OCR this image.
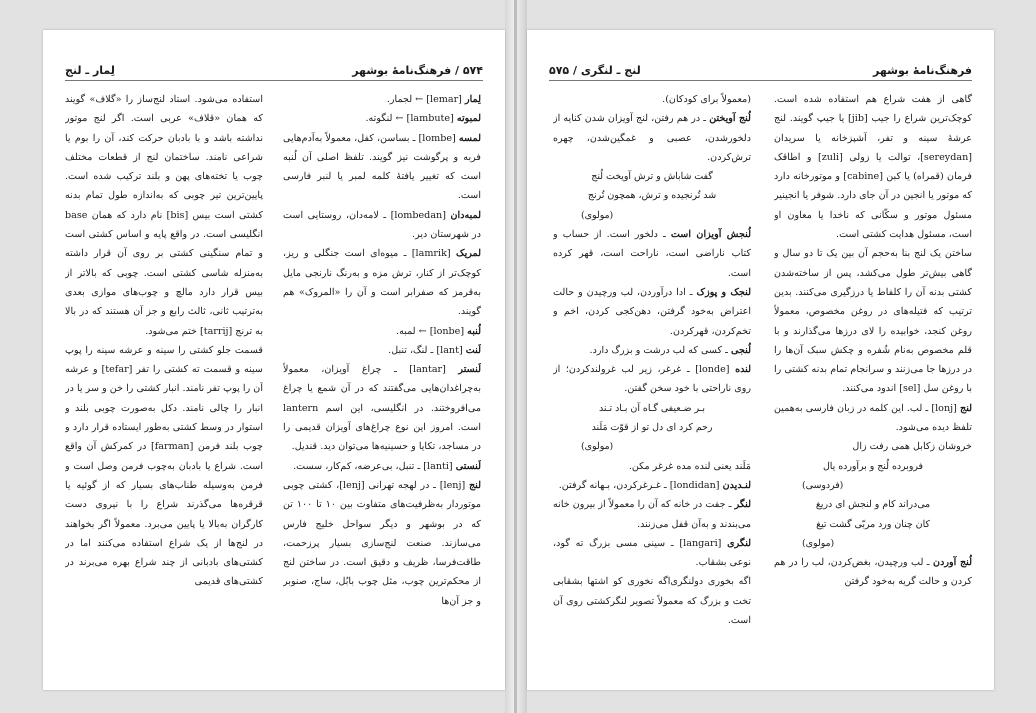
۵۷۴ / فرهنگ‌نامهٔ بوشهر
لِمار ـ لنج

لِمار [lemar] ← لجمار.

لمبوته [lambute] ← لنگوته.

لمسه [lombe] ـ بساسن، کفل، معمولاً به‌آدم‌هایی فربه و پرگوشت نیز گویند. تلفظ اصلی آن لُنبه است که تغییر یافتهٔ کلمه لمبر یا لنبر فارسی است.

لمبه‌دان [lombedan] ـ لامه‌دان، روستایی است در شهرستان دیر.

لمریک [lamrik] ـ میوه‌ای است جنگلی و ریز، کوچک‌تر از کنار، ترش مزه و به‌رنگ نارنجی مایل به‌قرمز که صفرابر است و آن را «المروک» هم گویند.

لُنبه [lonbe] ← لمبه.

لَنت [lant] ـ لنگ، تنبل.

لَنستر [lantar] ـ چراغ آویزان، معمولاً به‌چراغدان‌هایی می‌گفتند که در آن شمع یا چراغ می‌افروختند. در انگلیسی، این اسم lantern است. امروز این نوع چراغ‌های آویزان قدیمی را در مساجد، تکایا و حسینیه‌ها می‌توان دید. قندیل.

لَنستی [lanti] ـ تنبل، بی‌عرضه، کم‌کار، سست.

لنج [lenj] ـ در لهجه تهرانی [lenj]، کشتی چوبی موتوردار به‌ظرفیت‌های متفاوت بین ۱۰ تا ۱۰۰ تن که در بوشهر و دیگر سواحل خلیج فارس می‌سازند. صنعت لنج‌سازی بسیار پرزحمت، طاقت‌فرسا، ظریف و دقیق است. در ساختن لنج از محکم‌ترین چوب، مثل چوب بابُل، ساج، صنوبر و جز آن‌ها

استفاده می‌شود. استاد لنج‌ساز را «گلاف» گویند که همان «قلاف» عربی است. اگر لنج موتور نداشته باشد و با بادبان حرکت کند، آن را بوم یا شراعی نامند. ساختمان لنج از قطعات مختلف چوب یا تخته‌های پهن و بلند ترکیب شده است. پایین‌ترین تیر چوبی که به‌اندازه طول تمام بدنه کشتی است بیس [bis] نام دارد که همان base انگلیسی است. در واقع پایه و اساس کشتی است و تمام سنگینی کشتی بر روی آن قرار داشته به‌منزله شاسی کشتی است. چوبی که بالاتر از بیس قرار دارد مالچ و چوب‌های موازی بعدی به‌ترتیب ثانی، ثالث رابع و جز آن هستند که در بالا به ترنج [tarrij] ختم می‌شود.

قسمت جلو کشتی را سینه و عرشه سینه را پوپ سینه و قسمت ته کشتی را تفر [tefar] و عرشه آن را پوپ تفر نامند. انبار کشتی را خن و سر یا در انبار را چالی نامند. دکل به‌صورت چوبی بلند و استوار در وسط کشتی به‌طور ایستاده قرار دارد و چوب بلند فرمن [farman] در کمرکش آن واقع است. شراع یا بادبان به‌چوب فرمن وصل است و فرمن به‌وسیله طناب‌های بسیار که از گوئیه یا قرقره‌ها می‌گذرند شراع را با نیروی دست کارگران به‌بالا یا پایین می‌برد. معمولاً اگر بخواهند در لنج‌ها از یک شراع استفاده می‌کنند اما در کشتی‌های بادبانی از چند شراع بهره می‌برند در کشتی‌های قدیمی

فرهنگ‌نامهٔ بوشهر
لنج ـ لنگری / ۵۷۵

گاهی از هفت شراع هم استفاده شده است. کوچک‌ترین شراع را جیب [jib] یا جیپ گویند. لنج عرشهٔ سینه و تفر، آشپزخانه یا سریدان [sereydan]، توالت یا زولی [zuli] و اطاقک فرمان (قمراه) یا کبن [cabine] و موتورخانه دارد که موتور یا انجین در آن جای دارد. شوفر یا انجینیر مسئول موتور و سکّانی که ناخدا یا معاون او است، مسئول هدایت کشتی است.

ساختن یک لنج بنا به‌حجم آن بین یک تا دو سال و گاهی بیش‌تر طول می‌کشد، پس از ساخته‌شدن کشتی بدنه آن را کلفاط یا درزگیری می‌کنند. بدین ترتیب که فتیله‌های در روغن مخصوص، معمولاً روغن کنجد، خوابیده را لای درزها می‌گذارند و با قلم مخصوص به‌نام شُفره و چکش سبک آن‌ها را در درزها جا می‌زنند و سرانجام تمام بدنه کشتی را با روغن سل [sel] اندود می‌کنند.

لنج [lonj] ـ لب. این کلمه در زبان فارسی به‌همین تلفظ دیده می‌شود.

خروشان زکابل همی رفت زال

فروبرده لُنج و برآورده یال

(فردوسی)

می‌دراند کام و لنجش ای دریغ

کان چنان ورد مربّی گشت تیغ

(مولوی)

لُنج آوردن ـ لب ورچیدن، بغض‌کردن، لب را در هم کردن و حالت گریه به‌خود گرفتن

(معمولاً برای کودکان).

لُنج آویختن ـ در هم رفتن، لنج آویزان شدن کنایه از دلخورشدن، عصبی و غمگین‌شدن، چهره ترش‌کردن.

گفت شاباش و ترش آویخت لُنج

شد تُرنجیده و ترش، همچون تُرنج

(مولوی)

لُنجش آویزان است ـ دلخور است. از حساب و کتاب ناراضی است، ناراحت است، قهر کرده است.

لنجک و پوزک ـ ادا درآوردن، لب ورچیدن و حالت اعتراض به‌خود گرفتن، دهن‌کجی کردن، اخم و تخم‌کردن، قهرکردن.

لُنجی ـ کسی که لب درشت و بزرگ دارد.

لنده [londe] ـ غرغر، زیر لب غرولندکردن؛ از روی ناراحتی با خود سخن گفتن.

بـر ضـعیفی گـاه آن بـاد تـند

رحم کرد ای دل تو از قوّت مَلَند

(مولوی)

مَلَند یعنی لنده مده غرغر مکن.

لنـدیدن [londidan] ـ غـرغرکردن، بـهانه گرفتن.

لنگر ـ جفت در خانه که آن را معمولاً از بیرون خانه می‌بندند و به‌آن قفل می‌زنند.

لنگری [langari] ـ سینی مسی بزرگ ته گود، نوعی بشقاب.

اگه بخوری دولنگری‌اگه نخوری کو اشتها بشقابی تخت و بزرگ که معمولاً تصویر لنگرکشتی روی آن است.
